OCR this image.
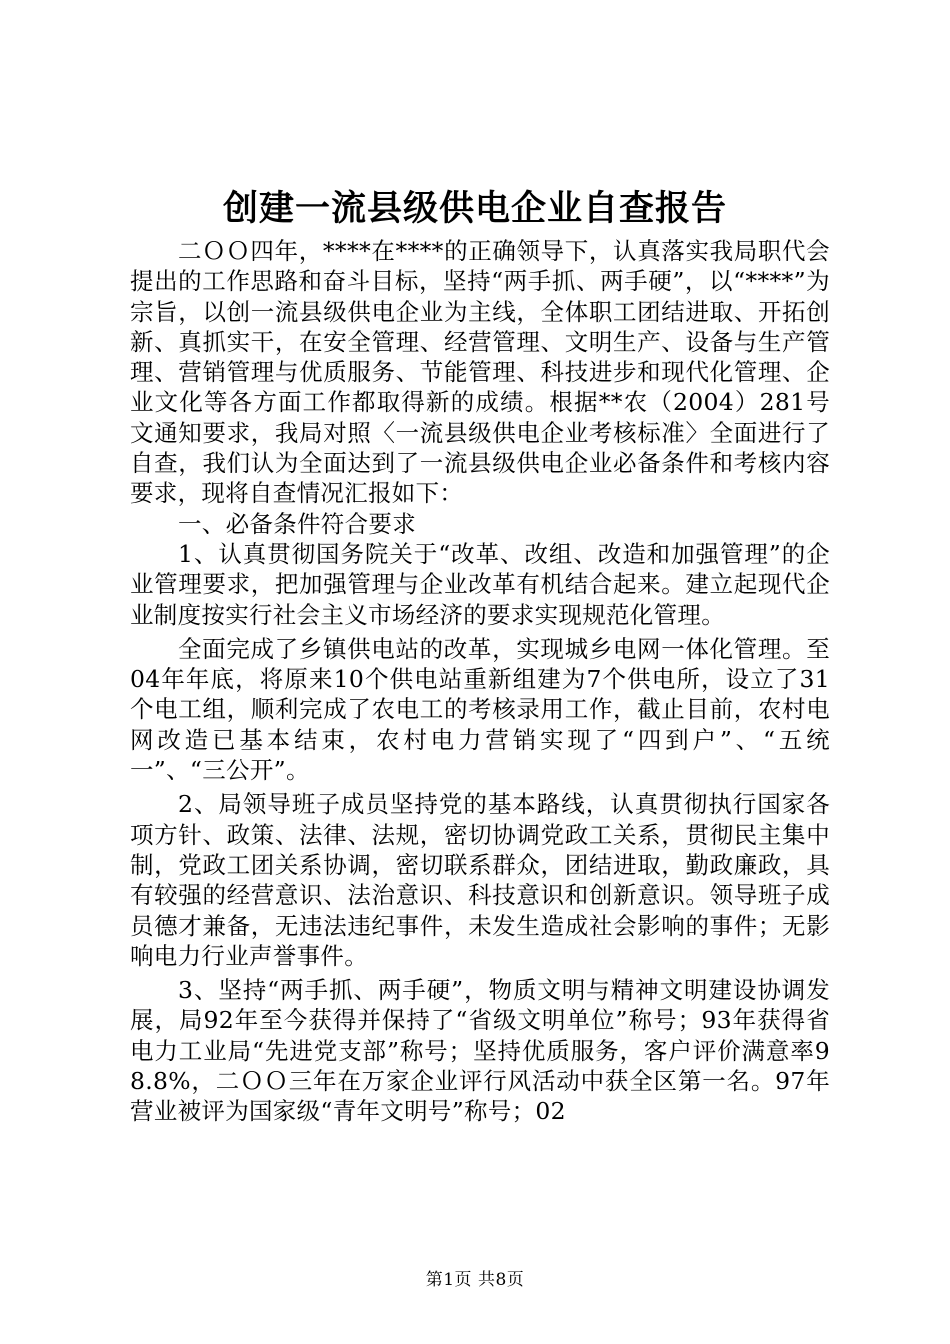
创建一流县级供电企业自查报告

二ＯＯ四年，****在****的正确领导下，认真落实我局职代会提出的工作思路和奋斗目标，坚持“两手抓、两手硬”，以“****”为宗旨，以创一流县级供电企业为主线，全体职工团结进取、开拓创新、真抓实干，在安全管理、经营管理、文明生产、设备与生产管理、营销管理与优质服务、节能管理、科技进步和现代化管理、企业文化等各方面工作都取得新的成绩。根据**农（2004）281号文通知要求，我局对照〈一流县级供电企业考核标准〉全面进行了自查，我们认为全面达到了一流县级供电企业必备条件和考核内容要求，现将自查情况汇报如下：

一、必备条件符合要求

1、认真贯彻国务院关于“改革、改组、改造和加强管理”的企业管理要求，把加强管理与企业改革有机结合起来。建立起现代企业制度按实行社会主义市场经济的要求实现规范化管理。

全面完成了乡镇供电站的改革，实现城乡电网一体化管理。至04年年底，将原来10个供电站重新组建为7个供电所，设立了31个电工组，顺利完成了农电工的考核录用工作，截止目前，农村电网改造已基本结束，农村电力营销实现了“四到户”、“五统一”、“三公开”。

2、局领导班子成员坚持党的基本路线，认真贯彻执行国家各项方针、政策、法律、法规，密切协调党政工关系，贯彻民主集中制，党政工团关系协调，密切联系群众，团结进取，勤政廉政，具有较强的经营意识、法治意识、科技意识和创新意识。领导班子成员德才兼备，无违法违纪事件，未发生造成社会影响的事件；无影响电力行业声誉事件。

3、坚持“两手抓、两手硬”，物质文明与精神文明建设协调发展，局92年至今获得并保持了“省级文明单位”称号；93年获得省电力工业局“先进党支部”称号；坚持优质服务，客户评价满意率98.8%，二ＯＯ三年在万家企业评行风活动中获全区第一名。97年营业被评为国家级“青年文明号”称号；02

第1页 共8页
